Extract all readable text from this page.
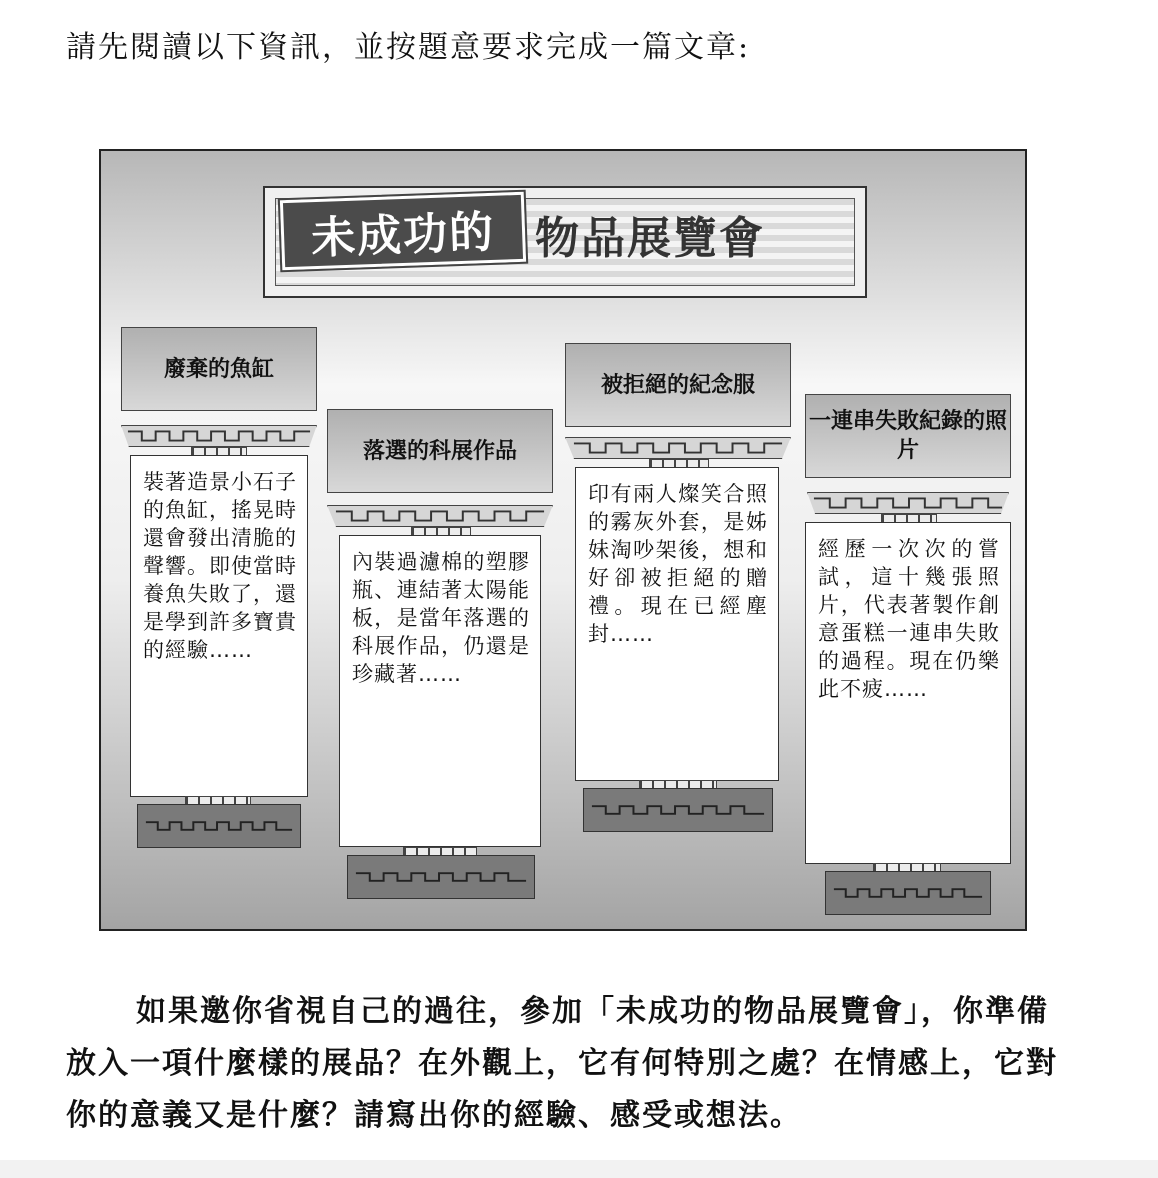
請先閱讀以下資訊，並按題意要求完成一篇文章:
未成功的 物品展覽會
廢棄的魚缸
裝著造景小石子的魚缸，搖晃時還會發出清脆的聲響。即使當時養魚失敗了，還是學到許多寶貴的經驗……
落選的科展作品
內裝過濾棉的塑膠瓶、連結著太陽能板，是當年落選的科展作品，仍還是珍藏著……
被拒絕的紀念服
印有兩人燦笑合照的霧灰外套，是姊妹淘吵架後，想和好卻被拒絕的贈禮。現在已經塵封……
一連串失敗紀錄的照片
經歷一次次的嘗試，這十幾張照片，代表著製作創意蛋糕一連串失敗的過程。現在仍樂此不疲……

如果邀你省視自己的過往，參加「未成功的物品展覽會」，你準備放入一項什麼樣的展品？在外觀上，它有何特別之處？在情感上，它對你的意義又是什麼？請寫出你的經驗、感受或想法。
